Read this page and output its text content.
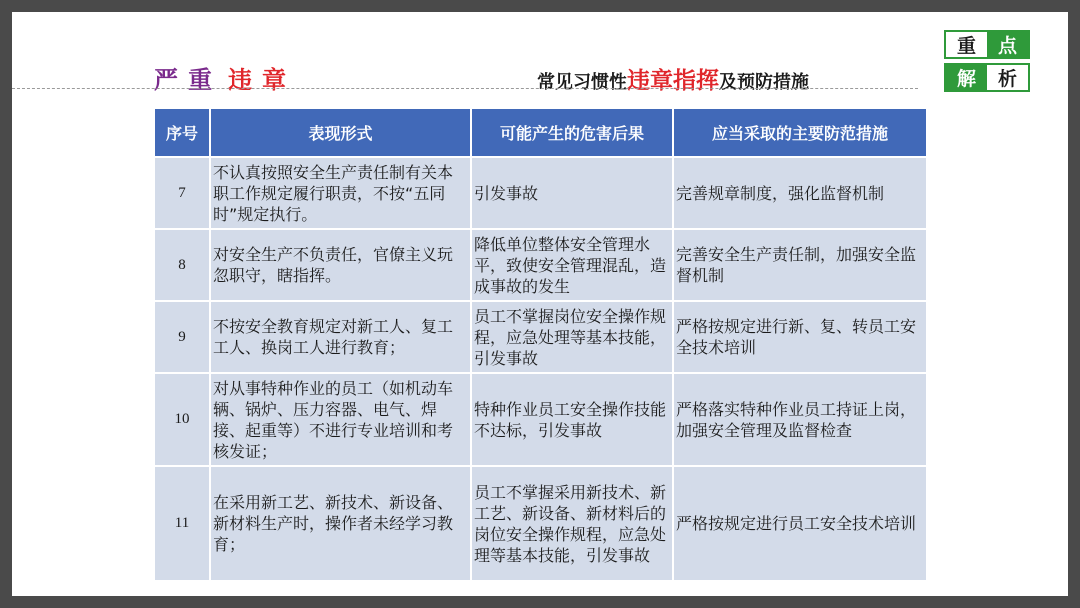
严重 违章	常见习惯性违章指挥及预防措施
重	点
解	析
序号	表现形式	可能产生的危害后果	应当采取的主要防范措施
7	不认真按照安全生产责任制有关本职工作规定履行职责，不按“五同时”规定执行。	引发事故	完善规章制度，强化监督机制
8	对安全生产不负责任，官僚主义玩忽职守，瞎指挥。	降低单位整体安全管理水平，致使安全管理混乱，造成事故的发生	完善安全生产责任制，加强安全监督机制
9	不按安全教育规定对新工人、复工工人、换岗工人进行教育；	员工不掌握岗位安全操作规程，应急处理等基本技能，引发事故	严格按规定进行新、复、转员工安全技术培训
10	对从事特种作业的员工（如机动车辆、锅炉、压力容器、电气、焊接、起重等）不进行专业培训和考核发证；	特种作业员工安全操作技能不达标，引发事故	严格落实特种作业员工持证上岗，加强安全管理及监督检查
11	在采用新工艺、新技术、新设备、新材料生产时，操作者未经学习教育；	员工不掌握采用新技术、新工艺、新设备、新材料后的岗位安全操作规程，应急处理等基本技能，引发事故	严格按规定进行员工安全技术培训
